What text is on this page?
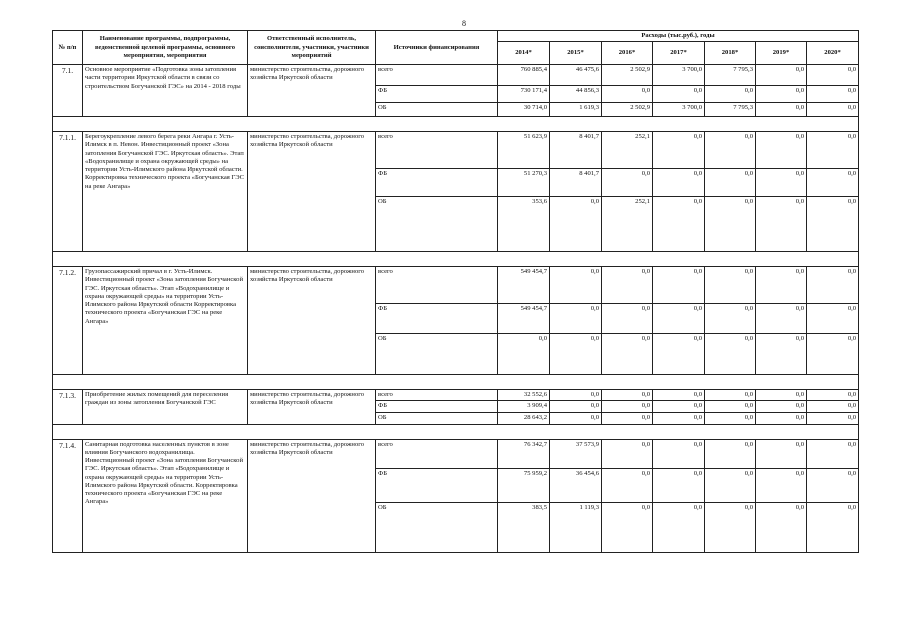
8
№ п/п	Наименование программы, подпрограммы, ведомственной целевой программы, основного мероприятия, мероприятия	Ответственный исполнитель, соисполнители, участники, участники мероприятий	Источники финансирования	Расходы (тыс.руб.), годы						
				2014*	2015*	2016*	2017*	2018*	2019*	2020*
7.1.	Основное мероприятие «Подготовка зоны затопления части территории Иркутской области в связи со строительством Богучанской ГЭС» на 2014 - 2018 годы	министерство строительства, дорожного хозяйства Иркутской области	всего	760 885,4	46 475,6	2 502,9	3 700,0	7 795,3	0,0	0,0
			ФБ	730 171,4	44 856,3	0,0	0,0	0,0	0,0	0,0
			ОБ	30 714,0	1 619,3	2 502,9	3 700,0	7 795,3	0,0	0,0

7.1.1.	Берегоукрепление левого берега реки Ангара г. Усть-Илимск в п. Невон. Инвестиционный проект «Зона затопления Богучанской ГЭС. Иркутская область». Этап «Водохранилище и охрана окружающей среды» на территории Усть-Илимского района Иркутской области. Корректировка технического проекта «Богучанская ГЭС на реке Ангара»	министерство строительства, дорожного хозяйства Иркутской области	всего	51 623,9	8 401,7	252,1	0,0	0,0	0,0	0,0
			ФБ	51 270,3	8 401,7	0,0	0,0	0,0	0,0	0,0
			ОБ	353,6	0,0	252,1	0,0	0,0	0,0	0,0

7.1.2.	Грузопассажирский причал в г. Усть-Илимск. Инвестиционный проект «Зона затопления Богучанской ГЭС. Иркутская область». Этап «Водохранилище и охрана окружающей среды» на территории Усть-Илимского района Иркутской области Корректировка технического проекта «Богучанская ГЭС на реке Ангара»	министерство строительства, дорожного хозяйства Иркутской области	всего	549 454,7	0,0	0,0	0,0	0,0	0,0	0,0
			ФБ	549 454,7	0,0	0,0	0,0	0,0	0,0	0,0
			ОБ	0,0	0,0	0,0	0,0	0,0	0,0	0,0

7.1.3.	Приобретение жилых помещений для переселения граждан из зоны затопления Богучанской ГЭС	министерство строительства, дорожного хозяйства Иркутской области	всего	32 552,6	0,0	0,0	0,0	0,0	0,0	0,0
			ФБ	3 909,4	0,0	0,0	0,0	0,0	0,0	0,0
			ОБ	28 643,2	0,0	0,0	0,0	0,0	0,0	0,0

7.1.4.	Санитарная подготовка населенных пунктов в зоне влияния Богучанского водохранилища. Инвестиционный проект «Зона затопления Богучанской ГЭС. Иркутская область». Этап «Водохранилище и охрана окружающей среды» на территории Усть-Илимского района Иркутской области. Корректировка технического проекта «Богучанская ГЭС на реке Ангара»	министерство строительства, дорожного хозяйства Иркутской области	всего	76 342,7	37 573,9	0,0	0,0	0,0	0,0	0,0
			ФБ	75 959,2	36 454,6	0,0	0,0	0,0	0,0	0,0
			ОБ	383,5	1 119,3	0,0	0,0	0,0	0,0	0,0
